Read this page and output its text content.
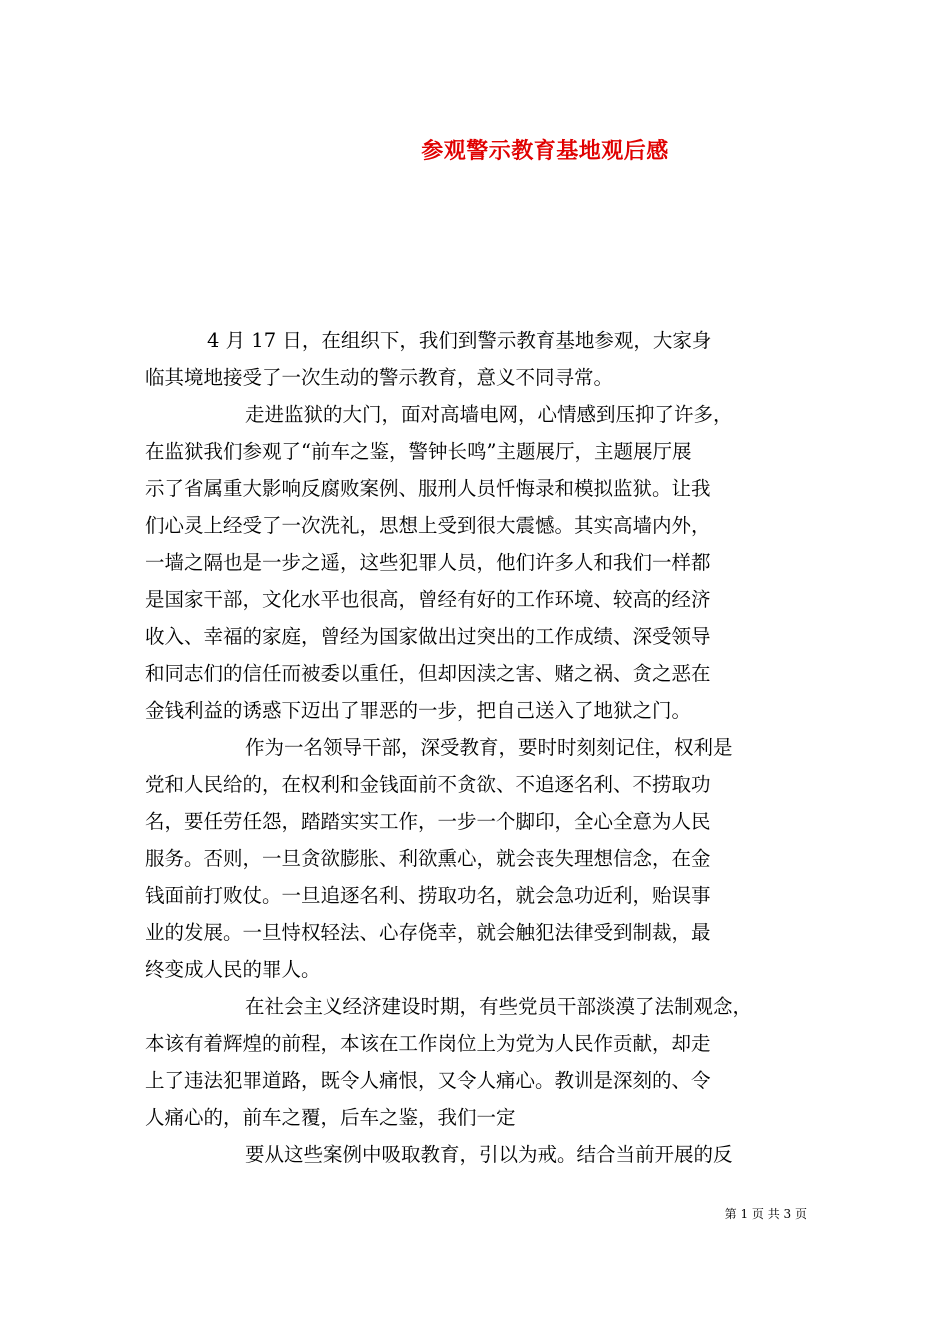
参观警示教育基地观后感
4 月 17 日，在组织下，我们到警示教育基地参观，大家身
临其境地接受了一次生动的警示教育，意义不同寻常。
走进监狱的大门，面对高墙电网，心情感到压抑了许多，
在监狱我们参观了“前车之鉴，警钟长鸣”主题展厅，主题展厅展
示了省属重大影响反腐败案例、服刑人员忏悔录和模拟监狱。让我
们心灵上经受了一次洗礼，思想上受到很大震憾。其实高墙内外，
一墙之隔也是一步之遥，这些犯罪人员，他们许多人和我们一样都
是国家干部，文化水平也很高，曾经有好的工作环境、较高的经济
收入、幸福的家庭，曾经为国家做出过突出的工作成绩、深受领导
和同志们的信任而被委以重任，但却因渎之害、赌之祸、贪之恶在
金钱利益的诱惑下迈出了罪恶的一步，把自己送入了地狱之门。
作为一名领导干部，深受教育，要时时刻刻记住，权利是
党和人民给的，在权利和金钱面前不贪欲、不追逐名利、不捞取功
名，要任劳任怨，踏踏实实工作，一步一个脚印，全心全意为人民
服务。否则，一旦贪欲膨胀、利欲熏心，就会丧失理想信念，在金
钱面前打败仗。一旦追逐名利、捞取功名，就会急功近利，贻误事
业的发展。一旦恃权轻法、心存侥幸，就会触犯法律受到制裁，最
终变成人民的罪人。
在社会主义经济建设时期，有些党员干部淡漠了法制观念，
本该有着辉煌的前程，本该在工作岗位上为党为人民作贡献，却走
上了违法犯罪道路，既令人痛恨，又令人痛心。教训是深刻的、令
人痛心的，前车之覆，后车之鉴，我们一定
要从这些案例中吸取教育，引以为戒。结合当前开展的反
第 1 页 共 3 页
